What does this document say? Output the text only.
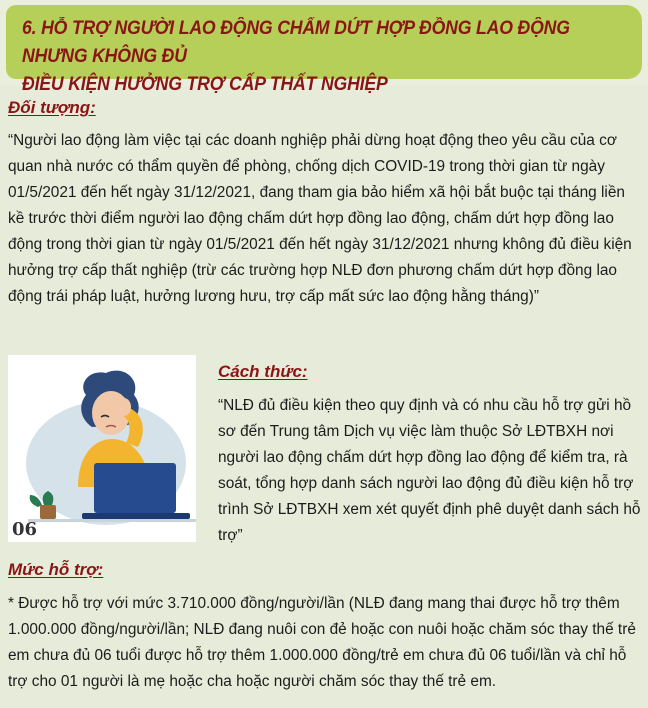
6. HỖ TRỢ NGƯỜI LAO ĐỘNG CHẤM DỨT HỢP ĐỒNG LAO ĐỘNG NHƯNG KHÔNG ĐỦ
ĐIỀU KIỆN HƯỞNG TRỢ CẤP THẤT NGHIỆP

Đối tượng:

“Người lao động làm việc tại các doanh nghiệp phải dừng hoạt động theo yêu cầu của cơ quan nhà nước có thẩm quyền để phòng, chống dịch COVID-19 trong thời gian từ ngày 01/5/2021 đến hết ngày 31/12/2021, đang tham gia bảo hiểm xã hội bắt buộc tại tháng liền kề trước thời điểm người lao động chấm dứt hợp đồng lao động, chấm dứt hợp đồng lao động trong thời gian từ ngày 01/5/2021 đến hết ngày 31/12/2021 nhưng không đủ điều kiện hưởng trợ cấp thất nghiệp (trừ các trường hợp NLĐ đơn phương chấm dứt hợp đồng lao động trái pháp luật, hưởng lương hưu, trợ cấp mất sức lao động hằng tháng)”

06
Cách thức:

“NLĐ đủ điều kiện theo quy định và có nhu cầu hỗ trợ gửi hồ sơ đến Trung tâm Dịch vụ việc làm thuộc Sở LĐTBXH nơi người lao động chấm dứt hợp đồng lao động để kiểm tra, rà soát, tổng hợp danh sách người lao động đủ điều kiện hỗ trợ trình Sở LĐTBXH xem xét quyết định phê duyệt danh sách hỗ trợ”

Mức hỗ trợ:

* Được hỗ trợ với mức 3.710.000 đồng/người/lần (NLĐ đang mang thai được hỗ trợ thêm 1.000.000 đồng/người/lần; NLĐ đang nuôi con đẻ hoặc con nuôi hoặc chăm sóc thay thế trẻ em chưa đủ 06 tuổi được hỗ trợ thêm 1.000.000 đồng/trẻ em chưa đủ 06 tuổi/lần và chỉ hỗ trợ cho 01 người là mẹ hoặc cha hoặc người chăm sóc thay thế trẻ em.
